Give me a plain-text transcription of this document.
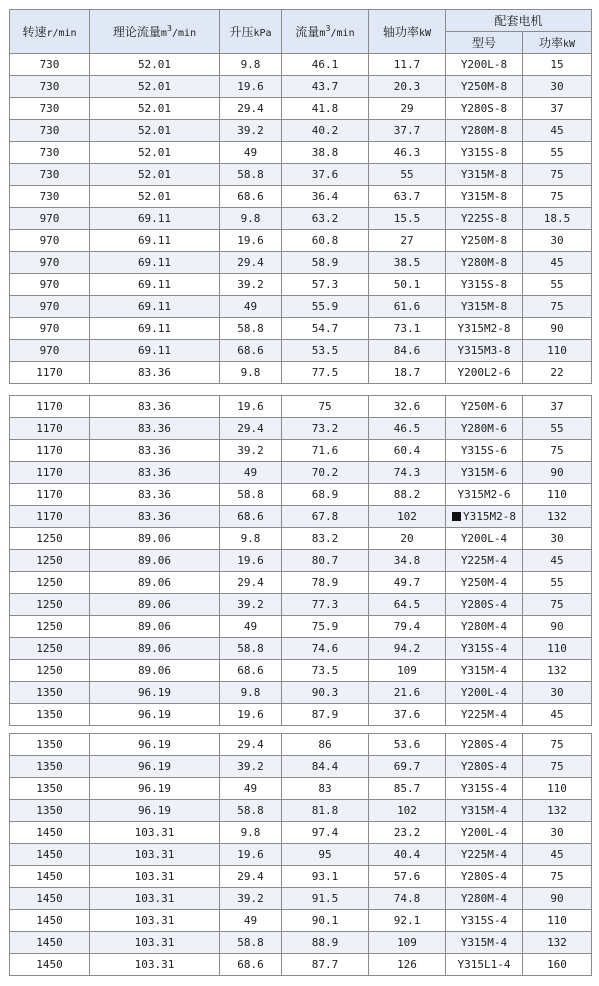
转速r/min	理论流量$m^3/\min$	升压kPa	流量$m^3/\min$	轴功率kW	配套电机	
					型号	功率kW
730	52.01	9.8	46.1	11.7	Y200L-8	15
730	52.01	19.6	43.7	20.3	Y250M-8	30
730	52.01	29.4	41.8	29	Y280S-8	37
730	52.01	39.2	40.2	37.7	Y280M-8	45
730	52.01	49	38.8	46.3	Y315S-8	55
730	52.01	58.8	37.6	55	Y315M-8	75
730	52.01	68.6	36.4	63.7	Y315M-8	75
970	69.11	9.8	63.2	15.5	Y225S-8	18.5
970	69.11	19.6	60.8	27	Y250M-8	30
970	69.11	29.4	58.9	38.5	Y280M-8	45
970	69.11	39.2	57.3	50.1	Y315S-8	55
970	69.11	49	55.9	61.6	Y315M-8	75
970	69.11	58.8	54.7	73.1	Y315M2-8	90
970	69.11	68.6	53.5	84.6	Y315M3-8	110
1170	83.36	9.8	77.5	18.7	Y200L2-6	22
1170	83.36	19.6	75	32.6	Y250M-6	37
1170	83.36	29.4	73.2	46.5	Y280M-6	55
1170	83.36	39.2	71.6	60.4	Y315S-6	75
1170	83.36	49	70.2	74.3	Y315M-6	90
1170	83.36	58.8	68.9	88.2	Y315M2-6	110
1170	83.36	68.6	67.8	102	Y315M2-8	132
1250	89.06	9.8	83.2	20	Y200L-4	30
1250	89.06	19.6	80.7	34.8	Y225M-4	45
1250	89.06	29.4	78.9	49.7	Y250M-4	55
1250	89.06	39.2	77.3	64.5	Y280S-4	75
1250	89.06	49	75.9	79.4	Y280M-4	90
1250	89.06	58.8	74.6	94.2	Y315S-4	110
1250	89.06	68.6	73.5	109	Y315M-4	132
1350	96.19	9.8	90.3	21.6	Y200L-4	30
1350	96.19	19.6	87.9	37.6	Y225M-4	45
1350	96.19	29.4	86	53.6	Y280S-4	75
1350	96.19	39.2	84.4	69.7	Y280S-4	75
1350	96.19	49	83	85.7	Y315S-4	110
1350	96.19	58.8	81.8	102	Y315M-4	132
1450	103.31	9.8	97.4	23.2	Y200L-4	30
1450	103.31	19.6	95	40.4	Y225M-4	45
1450	103.31	29.4	93.1	57.6	Y280S-4	75
1450	103.31	39.2	91.5	74.8	Y280M-4	90
1450	103.31	49	90.1	92.1	Y315S-4	110
1450	103.31	58.8	88.9	109	Y315M-4	132
1450	103.31	68.6	87.7	126	Y315L1-4	160
